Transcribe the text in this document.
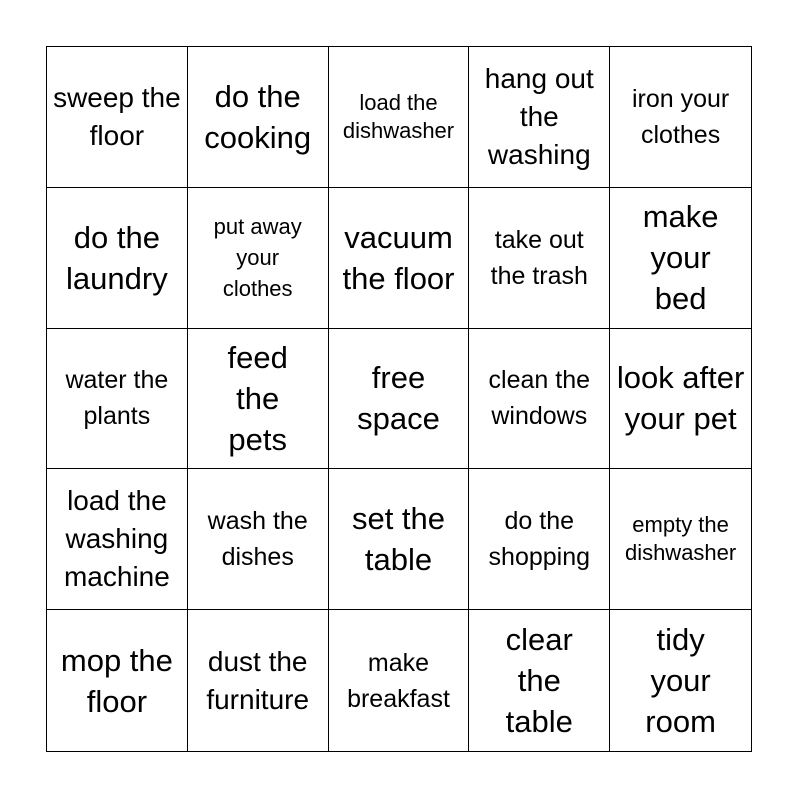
sweep the floor
do the cooking
load the dishwasher
hang out the washing
iron your clothes
do the laundry
put away your clothes
vacuum the floor
take out the trash
make your bed
water the plants
feed the pets
free space
clean the windows
look after your pet
load the washing machine
wash the dishes
set the table
do the shopping
empty the dishwasher
mop the floor
dust the furniture
make breakfast
clear the table
tidy your room
